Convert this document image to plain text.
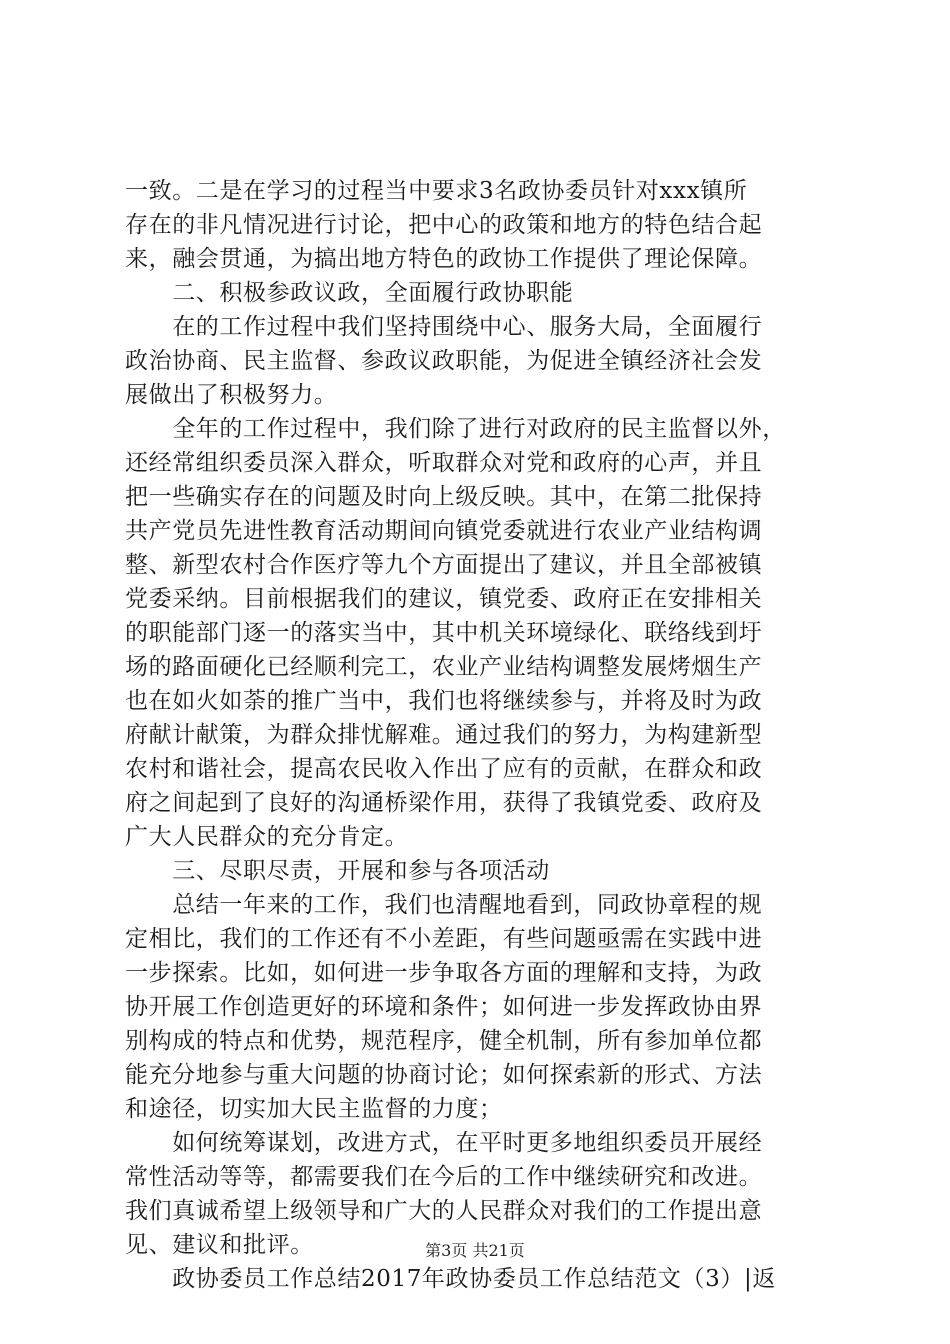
一致。二是在学习的过程当中要求3名政协委员针对xxx镇所
存在的非凡情况进行讨论，把中心的政策和地方的特色结合起
来，融会贯通，为搞出地方特色的政协工作提供了理论保障。
　　二、积极参政议政，全面履行政协职能
　　在的工作过程中我们坚持围绕中心、服务大局，全面履行
政治协商、民主监督、参政议政职能，为促进全镇经济社会发
展做出了积极努力。
　　全年的工作过程中，我们除了进行对政府的民主监督以外，
还经常组织委员深入群众，听取群众对党和政府的心声，并且
把一些确实存在的问题及时向上级反映。其中，在第二批保持
共产党员先进性教育活动期间向镇党委就进行农业产业结构调
整、新型农村合作医疗等九个方面提出了建议，并且全部被镇
党委采纳。目前根据我们的建议，镇党委、政府正在安排相关
的职能部门逐一的落实当中，其中机关环境绿化、联络线到圩
场的路面硬化已经顺利完工，农业产业结构调整发展烤烟生产
也在如火如荼的推广当中，我们也将继续参与，并将及时为政
府献计献策，为群众排忧解难。通过我们的努力，为构建新型
农村和谐社会，提高农民收入作出了应有的贡献，在群众和政
府之间起到了良好的沟通桥梁作用，获得了我镇党委、政府及
广大人民群众的充分肯定。
　　三、尽职尽责，开展和参与各项活动
　　总结一年来的工作，我们也清醒地看到，同政协章程的规
定相比，我们的工作还有不小差距，有些问题亟需在实践中进
一步探索。比如，如何进一步争取各方面的理解和支持，为政
协开展工作创造更好的环境和条件；如何进一步发挥政协由界
别构成的特点和优势，规范程序，健全机制，所有参加单位都
能充分地参与重大问题的协商讨论；如何探索新的形式、方法
和途径，切实加大民主监督的力度；
　　如何统筹谋划，改进方式，在平时更多地组织委员开展经
常性活动等等，都需要我们在今后的工作中继续研究和改进。
我们真诚希望上级领导和广大的人民群众对我们的工作提出意
见、建议和批评。
　　政协委员工作总结2017年政协委员工作总结范文（3）|返
第3页 共21页
